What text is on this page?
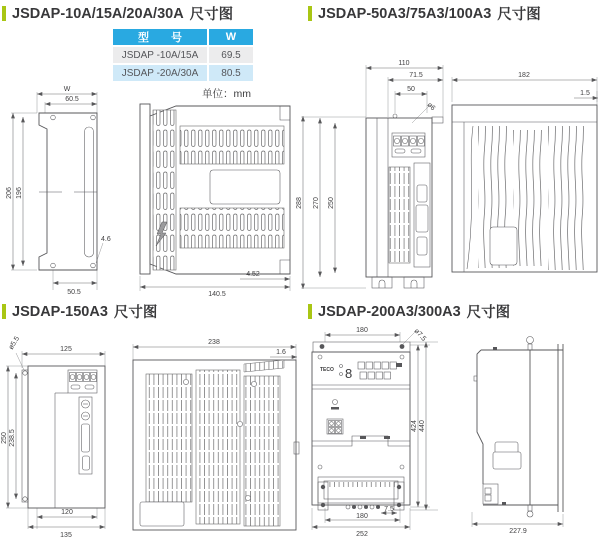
JSDAP-10A/15A/20A/30A 尺寸图
型　　号	W
JSDAP -10A/15A	69.5
JSDAP -20A/30A	80.5
单位：mm
W
60.5
206 196
50.5
4.6
4.52
140.5
JSDAP-50A3/75A3/100A3 尺寸图
110
71.5
50
ø6
288 270 250
182
1.5
JSDAP-150A3 尺寸图
ø5.5	125
250 238.5
120
135
238
1.6
JSDAP-200A3/300A3 尺寸图
180	ø7.5
424 440
7.5
180
252
TECO 8
227.9
